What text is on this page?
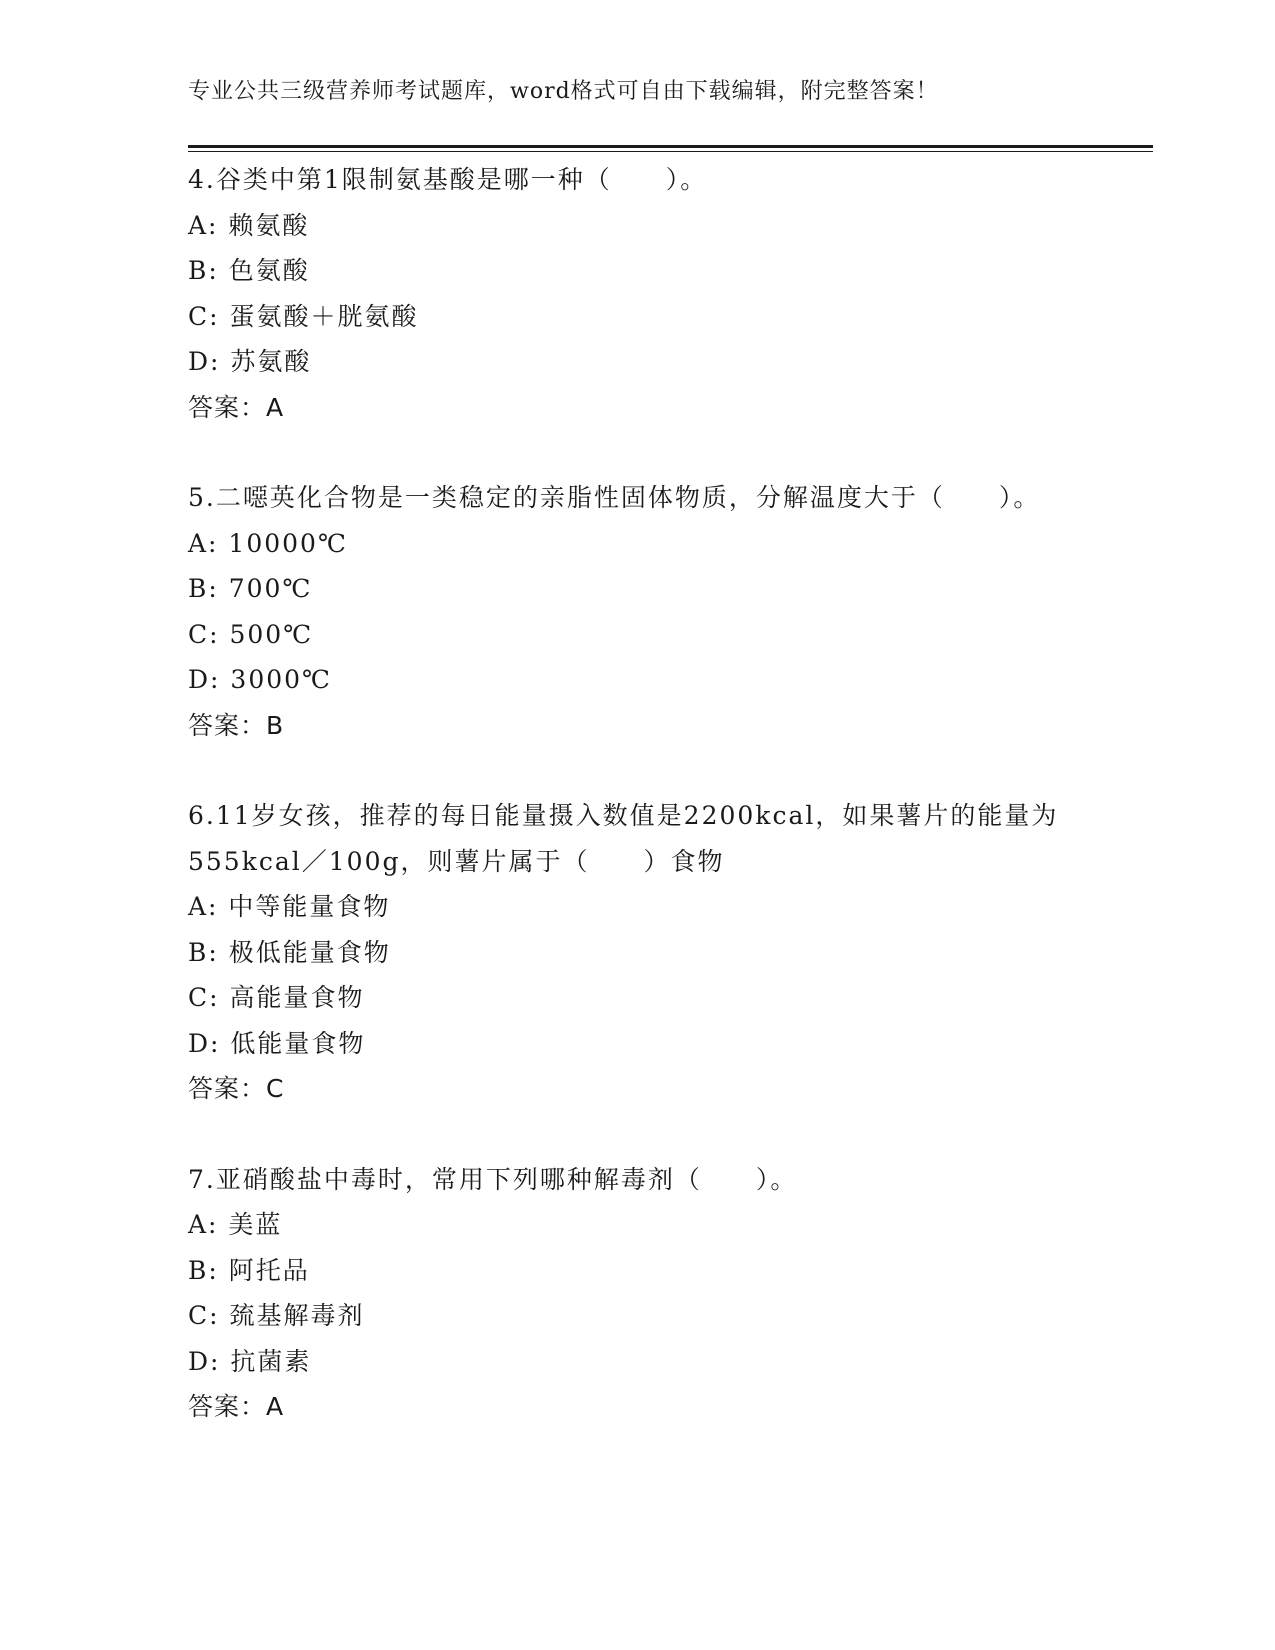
专业公共三级营养师考试题库，word格式可自由下载编辑，附完整答案！
4.谷类中第1限制氨基酸是哪一种（　　）。
A: 赖氨酸
B: 色氨酸
C: 蛋氨酸＋胱氨酸
D: 苏氨酸
答案：A
5.二噁英化合物是一类稳定的亲脂性固体物质，分解温度大于（　　）。
A: 10000℃
B: 700℃
C: 500℃
D: 3000℃
答案：B
6.11岁女孩，推荐的每日能量摄入数值是2200kcal，如果薯片的能量为555kcal／100g，则薯片属于（　　）食物
A: 中等能量食物
B: 极低能量食物
C: 高能量食物
D: 低能量食物
答案：C
7.亚硝酸盐中毒时，常用下列哪种解毒剂（　　）。
A: 美蓝
B: 阿托品
C: 巯基解毒剂
D: 抗菌素
答案：A
